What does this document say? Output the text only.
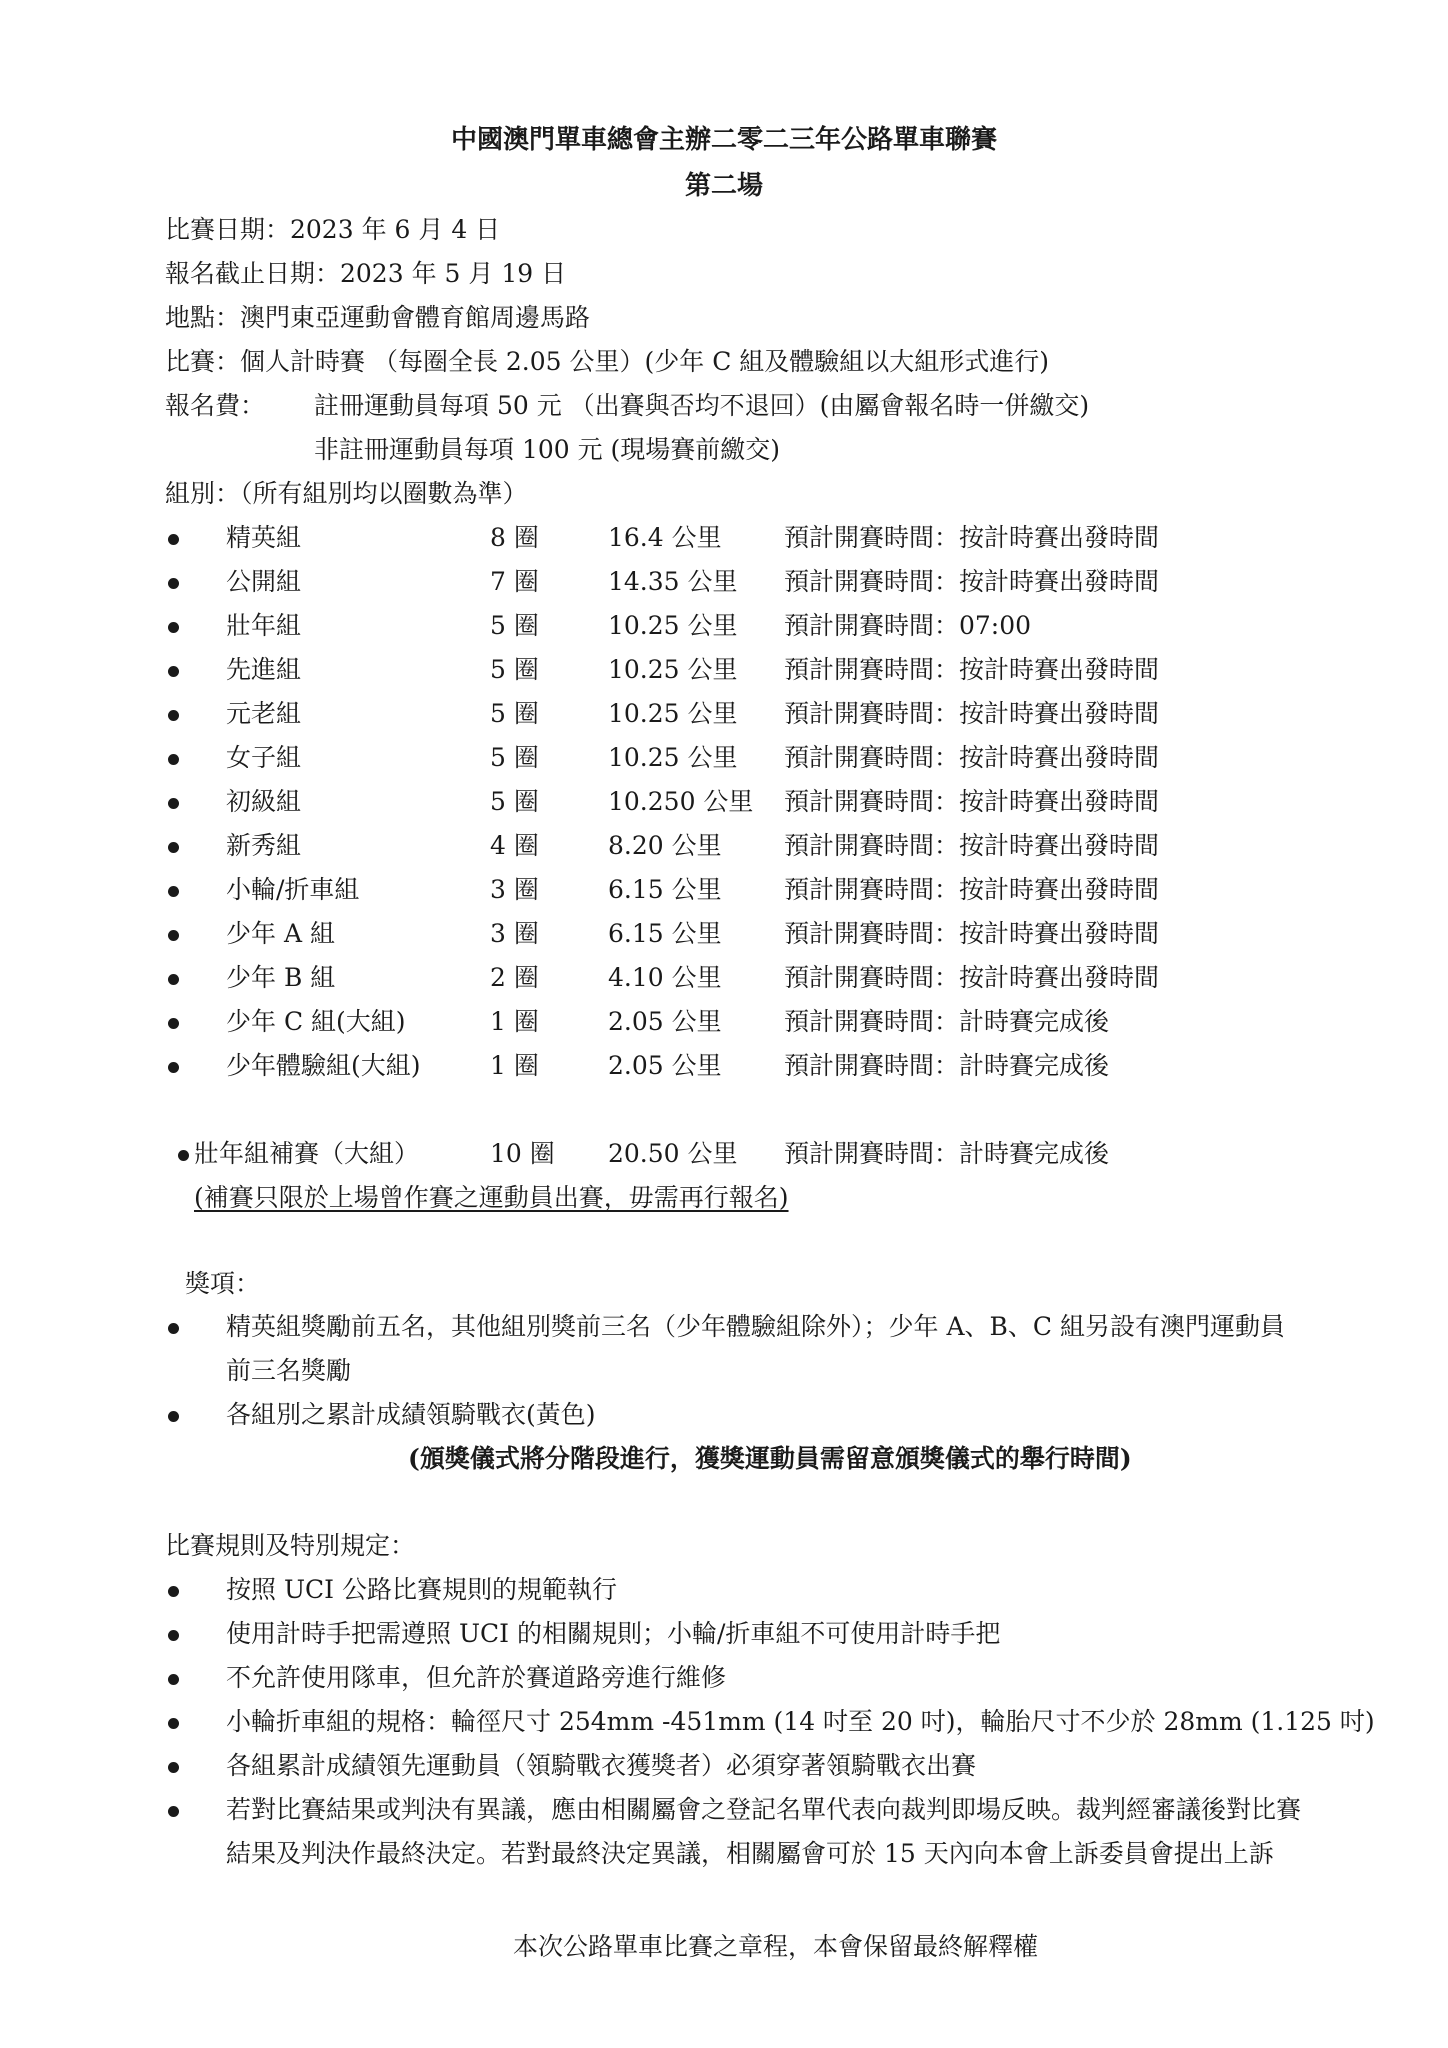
中國澳門單車總會主辦二零二三年公路單車聯賽
第二場
比賽日期：2023 年 6 月 4 日
報名截止日期：2023 年 5 月 19 日
地點：澳門東亞運動會體育館周邊馬路
比賽：個人計時賽 （每圈全長 2.05 公里）(少年 C 組及體驗組以大組形式進行)
報名費： 註冊運動員每項 50 元 （出賽與否均不退回）(由屬會報名時一併繳交)
非註冊運動員每項 100 元 (現場賽前繳交)
組別：（所有組別均以圈數為準）
精英組	8 圈	16.4 公里 預計開賽時間：按計時賽出發時間
公開組	7 圈	14.35 公里 預計開賽時間：按計時賽出發時間
壯年組	5 圈	10.25 公里 預計開賽時間：07:00
先進組	5 圈	10.25 公里 預計開賽時間：按計時賽出發時間
元老組	5 圈	10.25 公里 預計開賽時間：按計時賽出發時間
女子組	5 圈	10.25 公里 預計開賽時間：按計時賽出發時間
初級組	5 圈	10.250 公里 預計開賽時間：按計時賽出發時間
新秀組	4 圈	8.20 公里 預計開賽時間：按計時賽出發時間
小輪/折車組	3 圈	6.15 公里 預計開賽時間：按計時賽出發時間
少年 A 組	3 圈	6.15 公里 預計開賽時間：按計時賽出發時間
少年 B 組	2 圈	4.10 公里 預計開賽時間：按計時賽出發時間
少年 C 組(大組)	1 圈	2.05 公里 預計開賽時間：計時賽完成後
少年體驗組(大組)	1 圈	2.05 公里 預計開賽時間：計時賽完成後
壯年組補賽（大組）	10 圈 20.50 公里 預計開賽時間：計時賽完成後
(補賽只限於上場曾作賽之運動員出賽，毋需再行報名)
獎項：
精英組獎勵前五名，其他組別獎前三名（少年體驗組除外）；少年 A、B、C 組另設有澳門運動員
前三名獎勵
各組別之累計成績領騎戰衣(黃色)
(頒獎儀式將分階段進行，獲獎運動員需留意頒獎儀式的舉行時間)
比賽規則及特別規定：
按照 UCI 公路比賽規則的規範執行
使用計時手把需遵照 UCI 的相關規則；小輪/折車組不可使用計時手把
不允許使用隊車，但允許於賽道路旁進行維修
小輪折車組的規格：輪徑尺寸 254mm -451mm (14 吋至 20 吋)，輪胎尺寸不少於 28mm (1.125 吋)
各組累計成績領先運動員（領騎戰衣獲獎者）必須穿著領騎戰衣出賽
若對比賽結果或判決有異議，應由相關屬會之登記名單代表向裁判即場反映。裁判經審議後對比賽
結果及判決作最終決定。若對最終決定異議，相關屬會可於 15 天內向本會上訴委員會提出上訴
本次公路單車比賽之章程，本會保留最終解釋權
